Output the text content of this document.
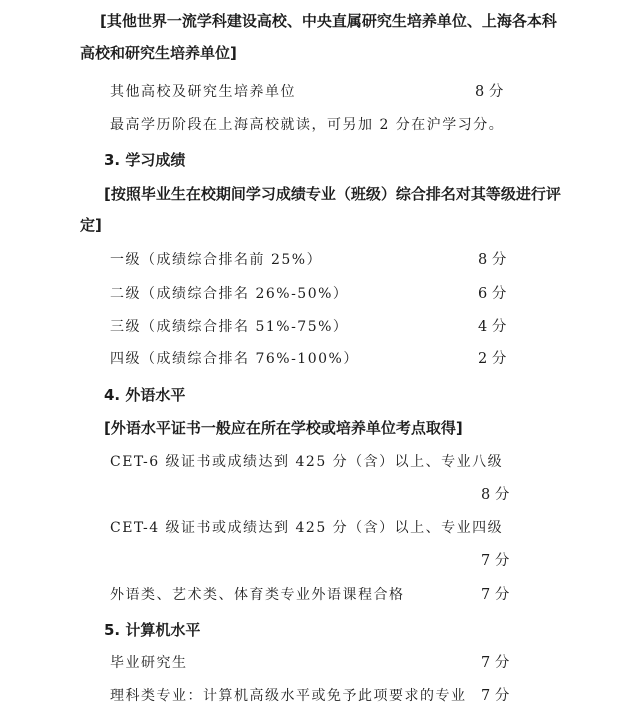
[其他世界一流学科建设高校、中央直属研究生培养单位、上海各本科
高校和研究生培养单位]
其他高校及研究生培养单位	8 分
最高学历阶段在上海高校就读，可另加 2 分在沪学习分。
3. 学习成绩
[按照毕业生在校期间学习成绩专业（班级）综合排名对其等级进行评
定]
一级（成绩综合排名前 25%）	8 分
二级（成绩综合排名 26%-50%）	6 分
三级（成绩综合排名 51%-75%）	4 分
四级（成绩综合排名 76%-100%）	2 分
4. 外语水平
[外语水平证书一般应在所在学校或培养单位考点取得]
CET-6 级证书或成绩达到 425 分（含）以上、专业八级
8 分
CET-4 级证书或成绩达到 425 分（含）以上、专业四级
7 分
外语类、艺术类、体育类专业外语课程合格	7 分
5. 计算机水平
毕业研究生	7 分
理科类专业：计算机高级水平或免予此项要求的专业 7 分
